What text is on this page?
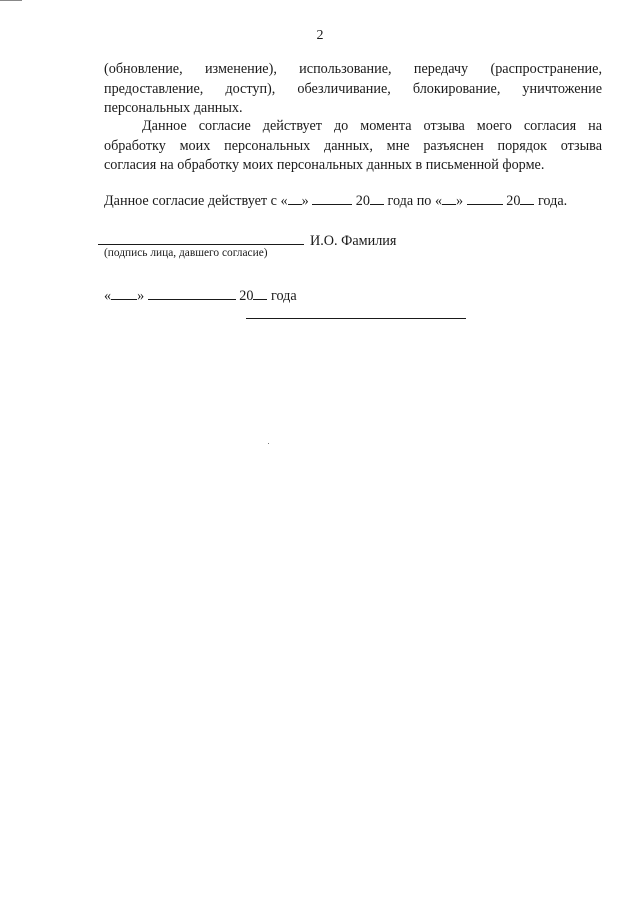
2
(обновление, изменение), использование, передачу (распространение,
предоставление, доступ), обезличивание, блокирование, уничтожение
персональных данных.
Данное согласие действует до момента отзыва моего согласия на
обработку моих персональных данных, мне разъяснен порядок отзыва
согласия на обработку моих персональных данных в письменной форме.
Данное согласие действует с « »	20 года по « »	20 года.
И.О. Фамилия
(подпись лица, давшего согласие)
« »	20 года
